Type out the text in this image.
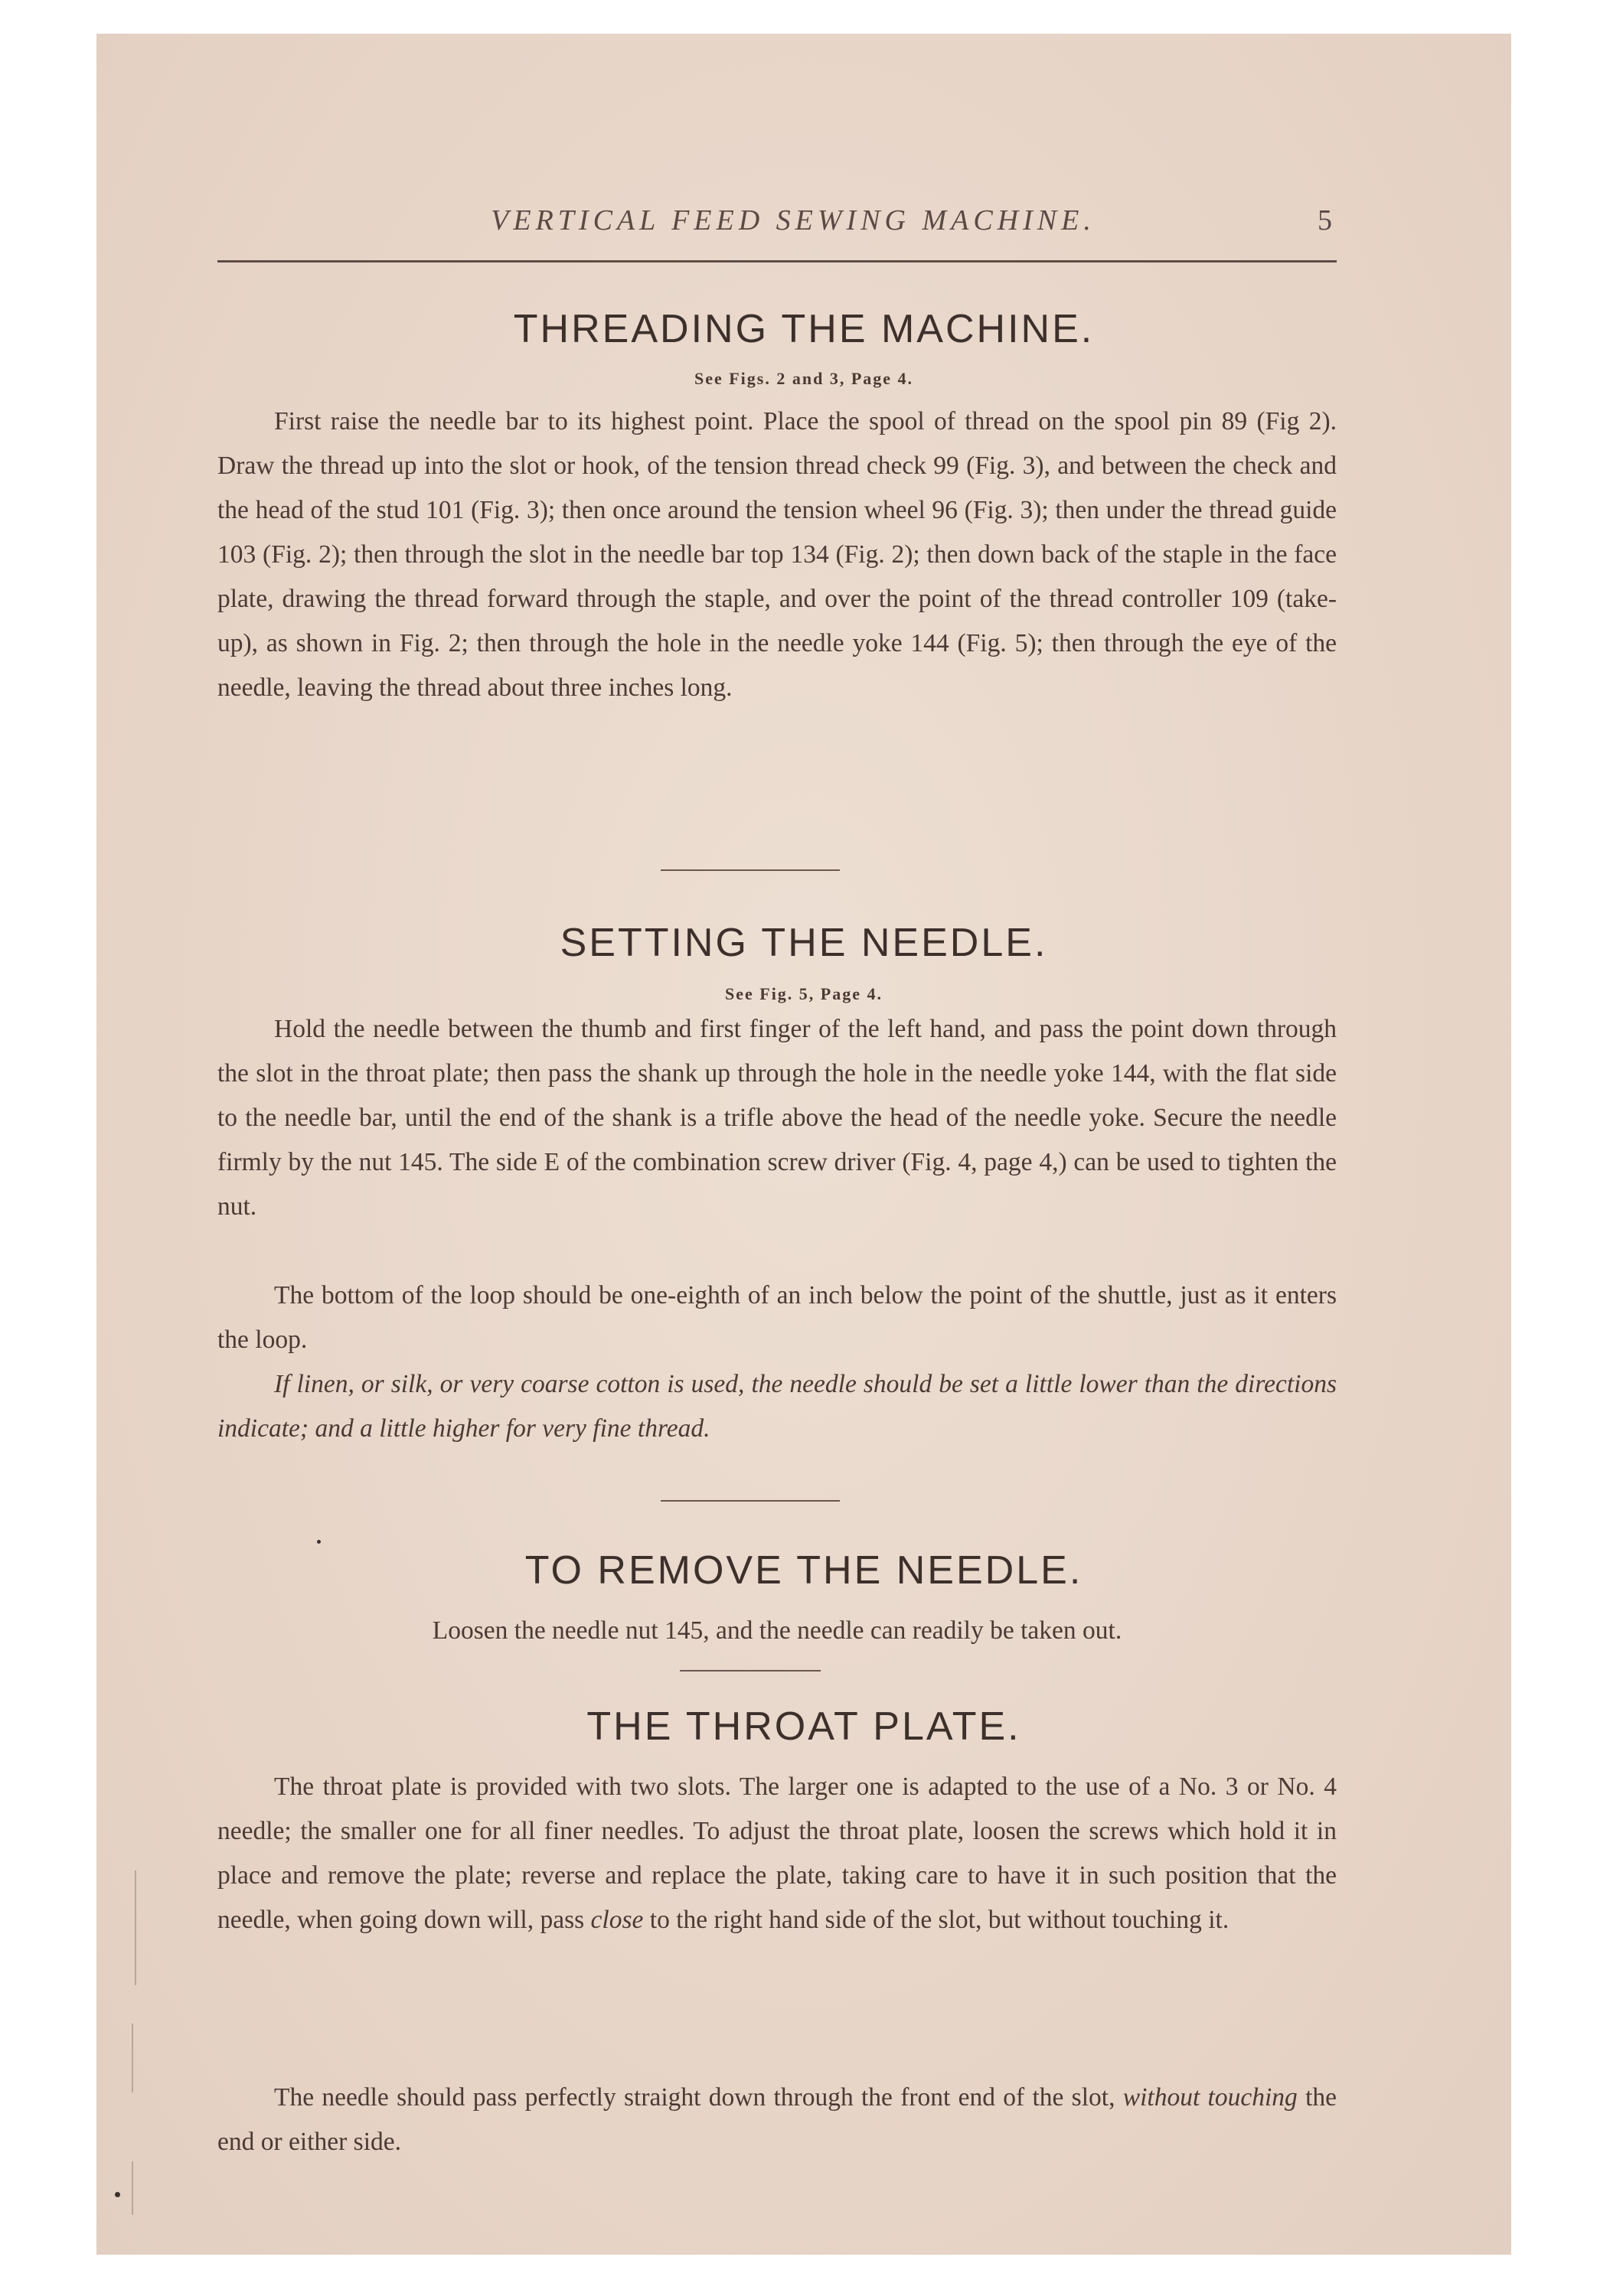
VERTICAL FEED SEWING MACHINE.	5
THREADING THE MACHINE.
See Figs. 2 and 3, Page 4.
First raise the needle bar to its highest point. Place the spool of thread on the spool pin 89 (Fig 2). Draw the thread up into the slot or hook, of the tension thread check 99 (Fig. 3), and between the check and the head of the stud 101 (Fig. 3); then once around the tension wheel 96 (Fig. 3); then under the thread guide 103 (Fig. 2); then through the slot in the needle bar top 134 (Fig. 2); then down back of the staple in the face plate, drawing the thread forward through the staple, and over the point of the thread controller 109 (take-up), as shown in Fig. 2; then through the hole in the needle yoke 144 (Fig. 5); then through the eye of the needle, leaving the thread about three inches long.
SETTING THE NEEDLE.
See Fig. 5, Page 4.
Hold the needle between the thumb and first finger of the left hand, and pass the point down through the slot in the throat plate; then pass the shank up through the hole in the needle yoke 144, with the flat side to the needle bar, until the end of the shank is a trifle above the head of the needle yoke. Secure the needle firmly by the nut 145. The side E of the combination screw driver (Fig. 4, page 4,) can be used to tighten the nut.
The bottom of the loop should be one-eighth of an inch below the point of the shuttle, just as it enters the loop.
If linen, or silk, or very coarse cotton is used, the needle should be set a little lower than the directions indicate; and a little higher for very fine thread.
TO REMOVE THE NEEDLE.
Loosen the needle nut 145, and the needle can readily be taken out.
THE THROAT PLATE.
The throat plate is provided with two slots. The larger one is adapted to the use of a No. 3 or No. 4 needle; the smaller one for all finer needles. To adjust the throat plate, loosen the screws which hold it in place and remove the plate; reverse and replace the plate, taking care to have it in such position that the needle, when going down will, pass close to the right hand side of the slot, but without touching it.
The needle should pass perfectly straight down through the front end of the slot, without touching the end or either side.
